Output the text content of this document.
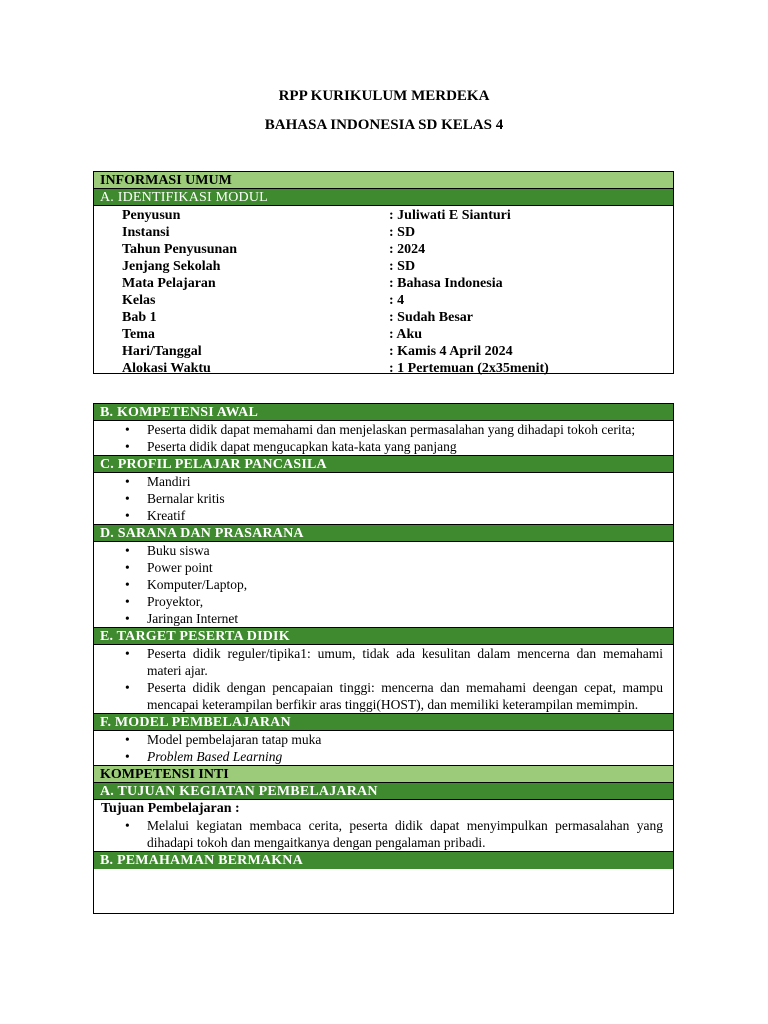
RPP KURIKULUM MERDEKA
BAHASA INDONESIA SD KELAS 4
INFORMASI UMUM
A. IDENTIFIKASI MODUL
Penyusun	: Juliwati E Sianturi
Instansi	: SD
Tahun Penyusunan	: 2024
Jenjang Sekolah	: SD
Mata Pelajaran	: Bahasa Indonesia
Kelas	: 4
Bab 1	: Sudah Besar
Tema	: Aku
Hari/Tanggal	: Kamis 4 April 2024
Alokasi Waktu	: 1 Pertemuan (2x35menit)
B. KOMPETENSI AWAL
• Peserta didik dapat memahami dan menjelaskan permasalahan yang dihadapi tokoh cerita;
• Peserta didik dapat mengucapkan kata-kata yang panjang
C. PROFIL PELAJAR PANCASILA
• Mandiri
• Bernalar kritis
• Kreatif
D. SARANA DAN PRASARANA
• Buku siswa
• Power point
• Komputer/Laptop,
• Proyektor,
• Jaringan Internet
E. TARGET PESERTA DIDIK
• Peserta didik reguler/tipika1: umum, tidak ada kesulitan dalam mencerna dan memahami materi ajar.
• Peserta didik dengan pencapaian tinggi: mencerna dan memahami deengan cepat, mampu mencapai keterampilan berfikir aras tinggi(HOST), dan memiliki keterampilan memimpin.
F. MODEL PEMBELAJARAN
• Model pembelajaran tatap muka
• Problem Based Learning
KOMPETENSI INTI
A. TUJUAN KEGIATAN PEMBELAJARAN
Tujuan Pembelajaran :
• Melalui kegiatan membaca cerita, peserta didik dapat menyimpulkan permasalahan yang dihadapi tokoh dan mengaitkanya dengan pengalaman pribadi.
B. PEMAHAMAN BERMAKNA
